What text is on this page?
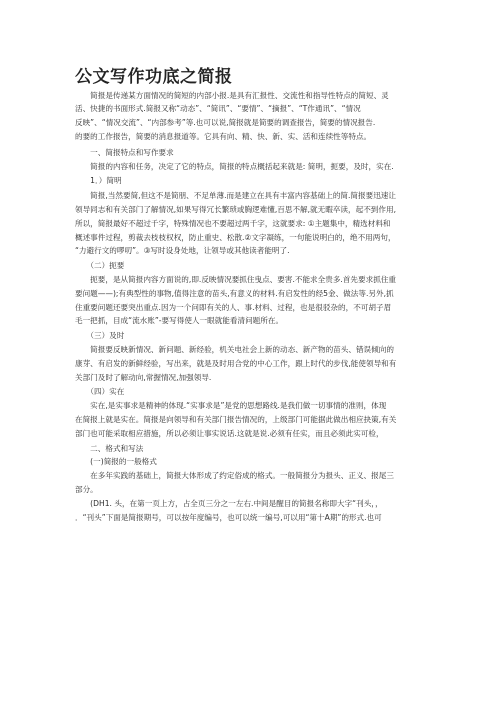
公文写作功底之简报
　　简报是传递某方面情况的简短的内部小报.是具有汇报性、交流性和指导性特点的简短、灵
活、快捷的书面形式.简报又称“动态”、“简讯”、“要情”、“摘报”、“T作通讯”、“情况
反映”、“情况交流”、“内部参考”等.也可以说,简报就是简要的调查报告，简要的情况报告.
的要的工作报告，简要的消息报道等。它具有向、精、快、新、实、活和连续性等特点。
　　一、简报特点和写作要求
　　简报的内容和任务，决定了它的特点，简报的特点概括起来就是: 简明，扼要，及时，实在.
　　1．）简明
　　简报,当然要简,但这不是简朋、不足单薄.而是建立在具有丰富内容基础上的简.简报要迅速让
领导同志和有关部门了解情况,如果写得冗长繁琐或胸逻难懂,百思不解,就无暇卒读，起不到作用,
所以，简报最好不超过千字，特殊情况也不要超过两千字，这就要求: ①主题集中，精选材料和
概述事件过程，剪裁去枝枝权权，防止重史、松散.②文字凝练，一句能说明白的，绝不用两句，
“力避行文的啰叨”。③写时设身处地，让领导或其他读者能明了.
　　（二）扼要
　　扼要，是从简报内容方面说的,即.反映情况要抓住曳点、要害.不能求全贵多.首先要求抓住重
要问题——);有典型性的事物,值得注意的苗头,有意义的材料.有启发性的经5金、做法等.另外,抓
住重要问题还要突出重点.因为一个问即有关的人、事.材料、过程，也是很驳杂的，不可胡子眉
毛一把抓，目成“流水账”-要写得使人一眼就能看清问题所在。
　　（三）及时
　　简报要反映新情况、新问题、新经验，机关电社会上新的动态、新产物的苗头、错误倾向的
康芽、有启发的新鲜经验，写出来，就是及时用合党的中心工作，跟上时代的步伐,能使领导和有
关部门及时了解动向,常握情况,加强领导.
　　（四）实在
　　实在,是实事求是精神的体现.“实事求是”是党的思想路线.是我们做一切事情的准则，体现
在简报上就是实在。简报是向领导和有关部门报告情况的，上级部门可能据此做出相应抉策,有关
部门也可能采取相应措施，所以必须让事实说话.这就是说.必须有任实，而且必须此实可检，
　　二、格式和写法
　　(一)简报的一般格式
　　在多年实践的基础上，简报大体形成了约定俗成的格式。一般简报分为报头、正义、报尾三
部分。
　　(DH1. 头，在第一页上方，占全页三分之一左右.中间是醒目的简报名称即大字“刊头，，
．“刊头”下面是简报期号，可以按年度编号，也可以统一编号,可以用“第十A期”的形式.也可
